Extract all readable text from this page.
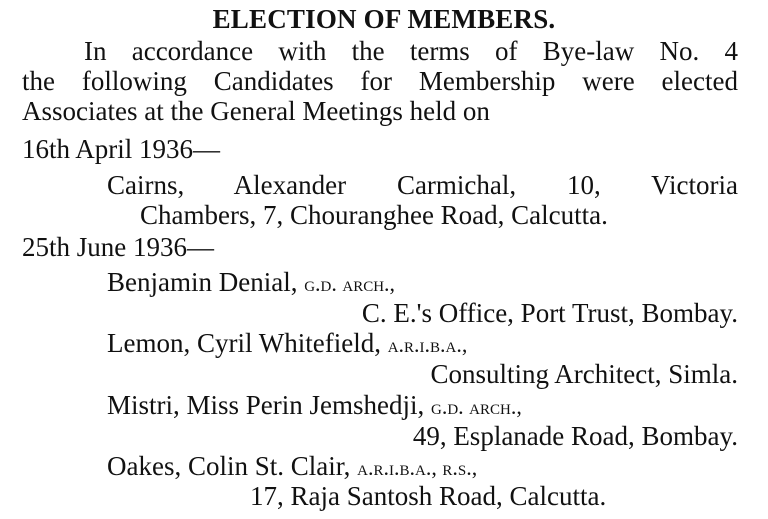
ELECTION OF MEMBERS.
In accordance with the terms of Bye-law No. 4
the following Candidates for Membership were elected
Associates at the General Meetings held on
16th April 1936—
Cairns, Alexander Carmichal, 10, Victoria
Chambers, 7, Chouranghee Road, Calcutta.
25th June 1936—
Benjamin Denial, g.d. arch.,
C. E.'s Office, Port Trust, Bombay.
Lemon, Cyril Whitefield, a.r.i.b.a.,
Consulting Architect, Simla.
Mistri, Miss Perin Jemshedji, g.d. arch.,
49, Esplanade Road, Bombay.
Oakes, Colin St. Clair, a.r.i.b.a., r.s.,
17, Raja Santosh Road, Calcutta.
